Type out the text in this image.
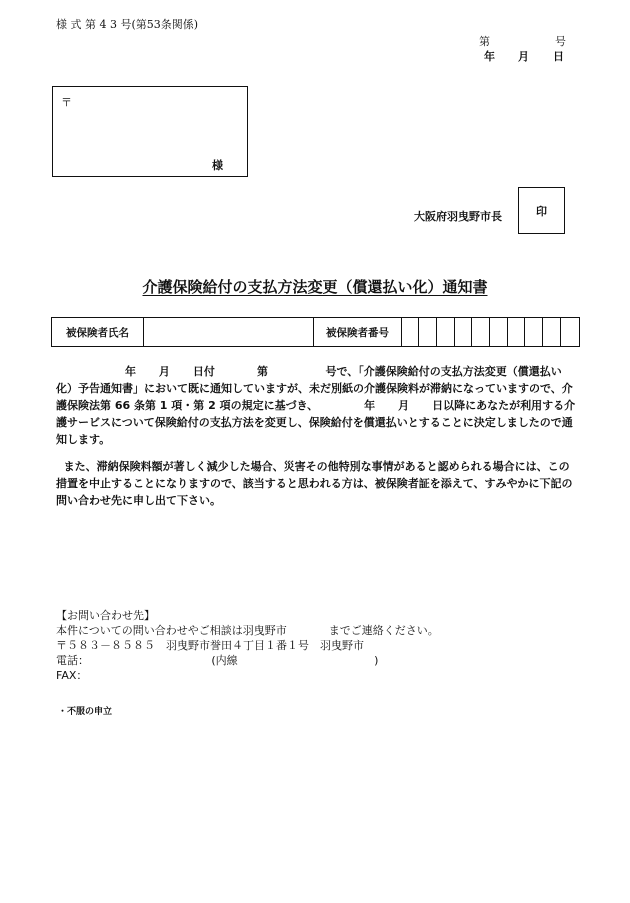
様 式 第 4 3 号(第53条関係)
第	号
年 月 日
〒
様
大阪府羽曳野市長	印
介護保険給付の支払方法変更（償還払い化）通知書
被保険者氏名		被保険者番号										
年 月 日付	第	号で、「介護保険給付の支払方法変更（償還払い化）予告通知書」において既に通知していますが、未だ別紙の介護保険料が滞納になっていますので、介護保険法第 66 条第 1 項・第 2 項の規定に基づき、	年 月 日以降にあなたが利用する介護サービスについて保険給付の支払方法を変更し、保険給付を償還払いとすることに決定しましたので通知します。
また、滞納保険料額が著しく減少した場合、災害その他特別な事情があると認められる場合には、この措置を中止することになりますので、該当すると思われる方は、被保険者証を添えて、すみやかに下記の問い合わせ先に申し出て下さい。
【お問い合わせ先】
本件についての問い合わせやご相談は羽曳野市	までご連絡ください。
〒５８３－８５８５　羽曳野市誉田４丁目１番１号　羽曳野市
電話：	(内線	)
FAX：
・不服の申立
